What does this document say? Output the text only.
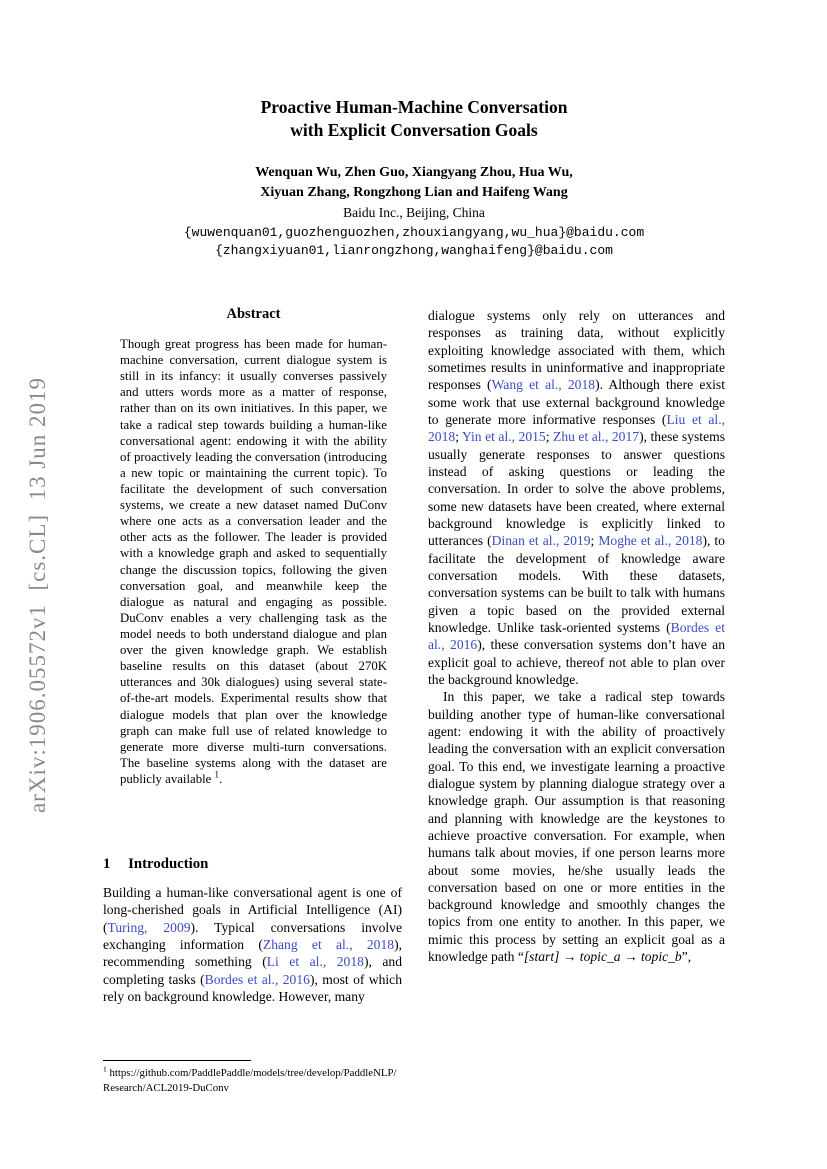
arXiv:1906.05572v1  [cs.CL]  13 Jun 2019
Proactive Human-Machine Conversation
with Explicit Conversation Goals
Wenquan Wu, Zhen Guo, Xiangyang Zhou, Hua Wu,
Xiyuan Zhang, Rongzhong Lian and Haifeng Wang
Baidu Inc., Beijing, China
{wuwenquan01,guozhenguozhen,zhouxiangyang,wu_hua}@baidu.com
{zhangxiyuan01,lianrongzhong,wanghaifeng}@baidu.com
Abstract

Though great progress has been made for human-machine conversation, current dialogue system is still in its infancy: it usually converses passively and utters words more as a matter of response, rather than on its own initiatives. In this paper, we take a radical step towards building a human-like conversational agent: endowing it with the ability of proactively leading the conversation (introducing a new topic or maintaining the current topic). To facilitate the development of such conversation systems, we create a new dataset named DuConv where one acts as a conversation leader and the other acts as the follower. The leader is provided with a knowledge graph and asked to sequentially change the discussion topics, following the given conversation goal, and meanwhile keep the dialogue as natural and engaging as possible. DuConv enables a very challenging task as the model needs to both understand dialogue and plan over the given knowledge graph. We establish baseline results on this dataset (about 270K utterances and 30k dialogues) using several state-of-the-art models. Experimental results show that dialogue models that plan over the knowledge graph can make full use of related knowledge to generate more diverse multi-turn conversations. The baseline systems along with the dataset are publicly available $^1$.

1 Introduction

Building a human-like conversational agent is one of long-cherished goals in Artificial Intelligence (AI) (Turing, 2009). Typical conversations involve exchanging information (Zhang et al., 2018), recommending something (Li et al., 2018), and completing tasks (Bordes et al., 2016), most of which rely on background knowledge. However, many

$^1$ https://github.com/PaddlePaddle/models/tree/develop/PaddleNLP/Research/ACL2019-DuConv

dialogue systems only rely on utterances and responses as training data, without explicitly exploiting knowledge associated with them, which sometimes results in uninformative and inappropriate responses (Wang et al., 2018). Although there exist some work that use external background knowledge to generate more informative responses (Liu et al., 2018; Yin et al., 2015; Zhu et al., 2017), these systems usually generate responses to answer questions instead of asking questions or leading the conversation. In order to solve the above problems, some new datasets have been created, where external background knowledge is explicitly linked to utterances (Dinan et al., 2019; Moghe et al., 2018), to facilitate the development of knowledge aware conversation models. With these datasets, conversation systems can be built to talk with humans given a topic based on the provided external knowledge. Unlike task-oriented systems (Bordes et al., 2016), these conversation systems don’t have an explicit goal to achieve, thereof not able to plan over the background knowledge.

In this paper, we take a radical step towards building another type of human-like conversational agent: endowing it with the ability of proactively leading the conversation with an explicit conversation goal. To this end, we investigate learning a proactive dialogue system by planning dialogue strategy over a knowledge graph. Our assumption is that reasoning and planning with knowledge are the keystones to achieve proactive conversation. For example, when humans talk about movies, if one person learns more about some movies, he/she usually leads the conversation based on one or more entities in the background knowledge and smoothly changes the topics from one entity to another. In this paper, we mimic this process by setting an explicit goal as a knowledge path “[start] → topic_a → topic_b”,
